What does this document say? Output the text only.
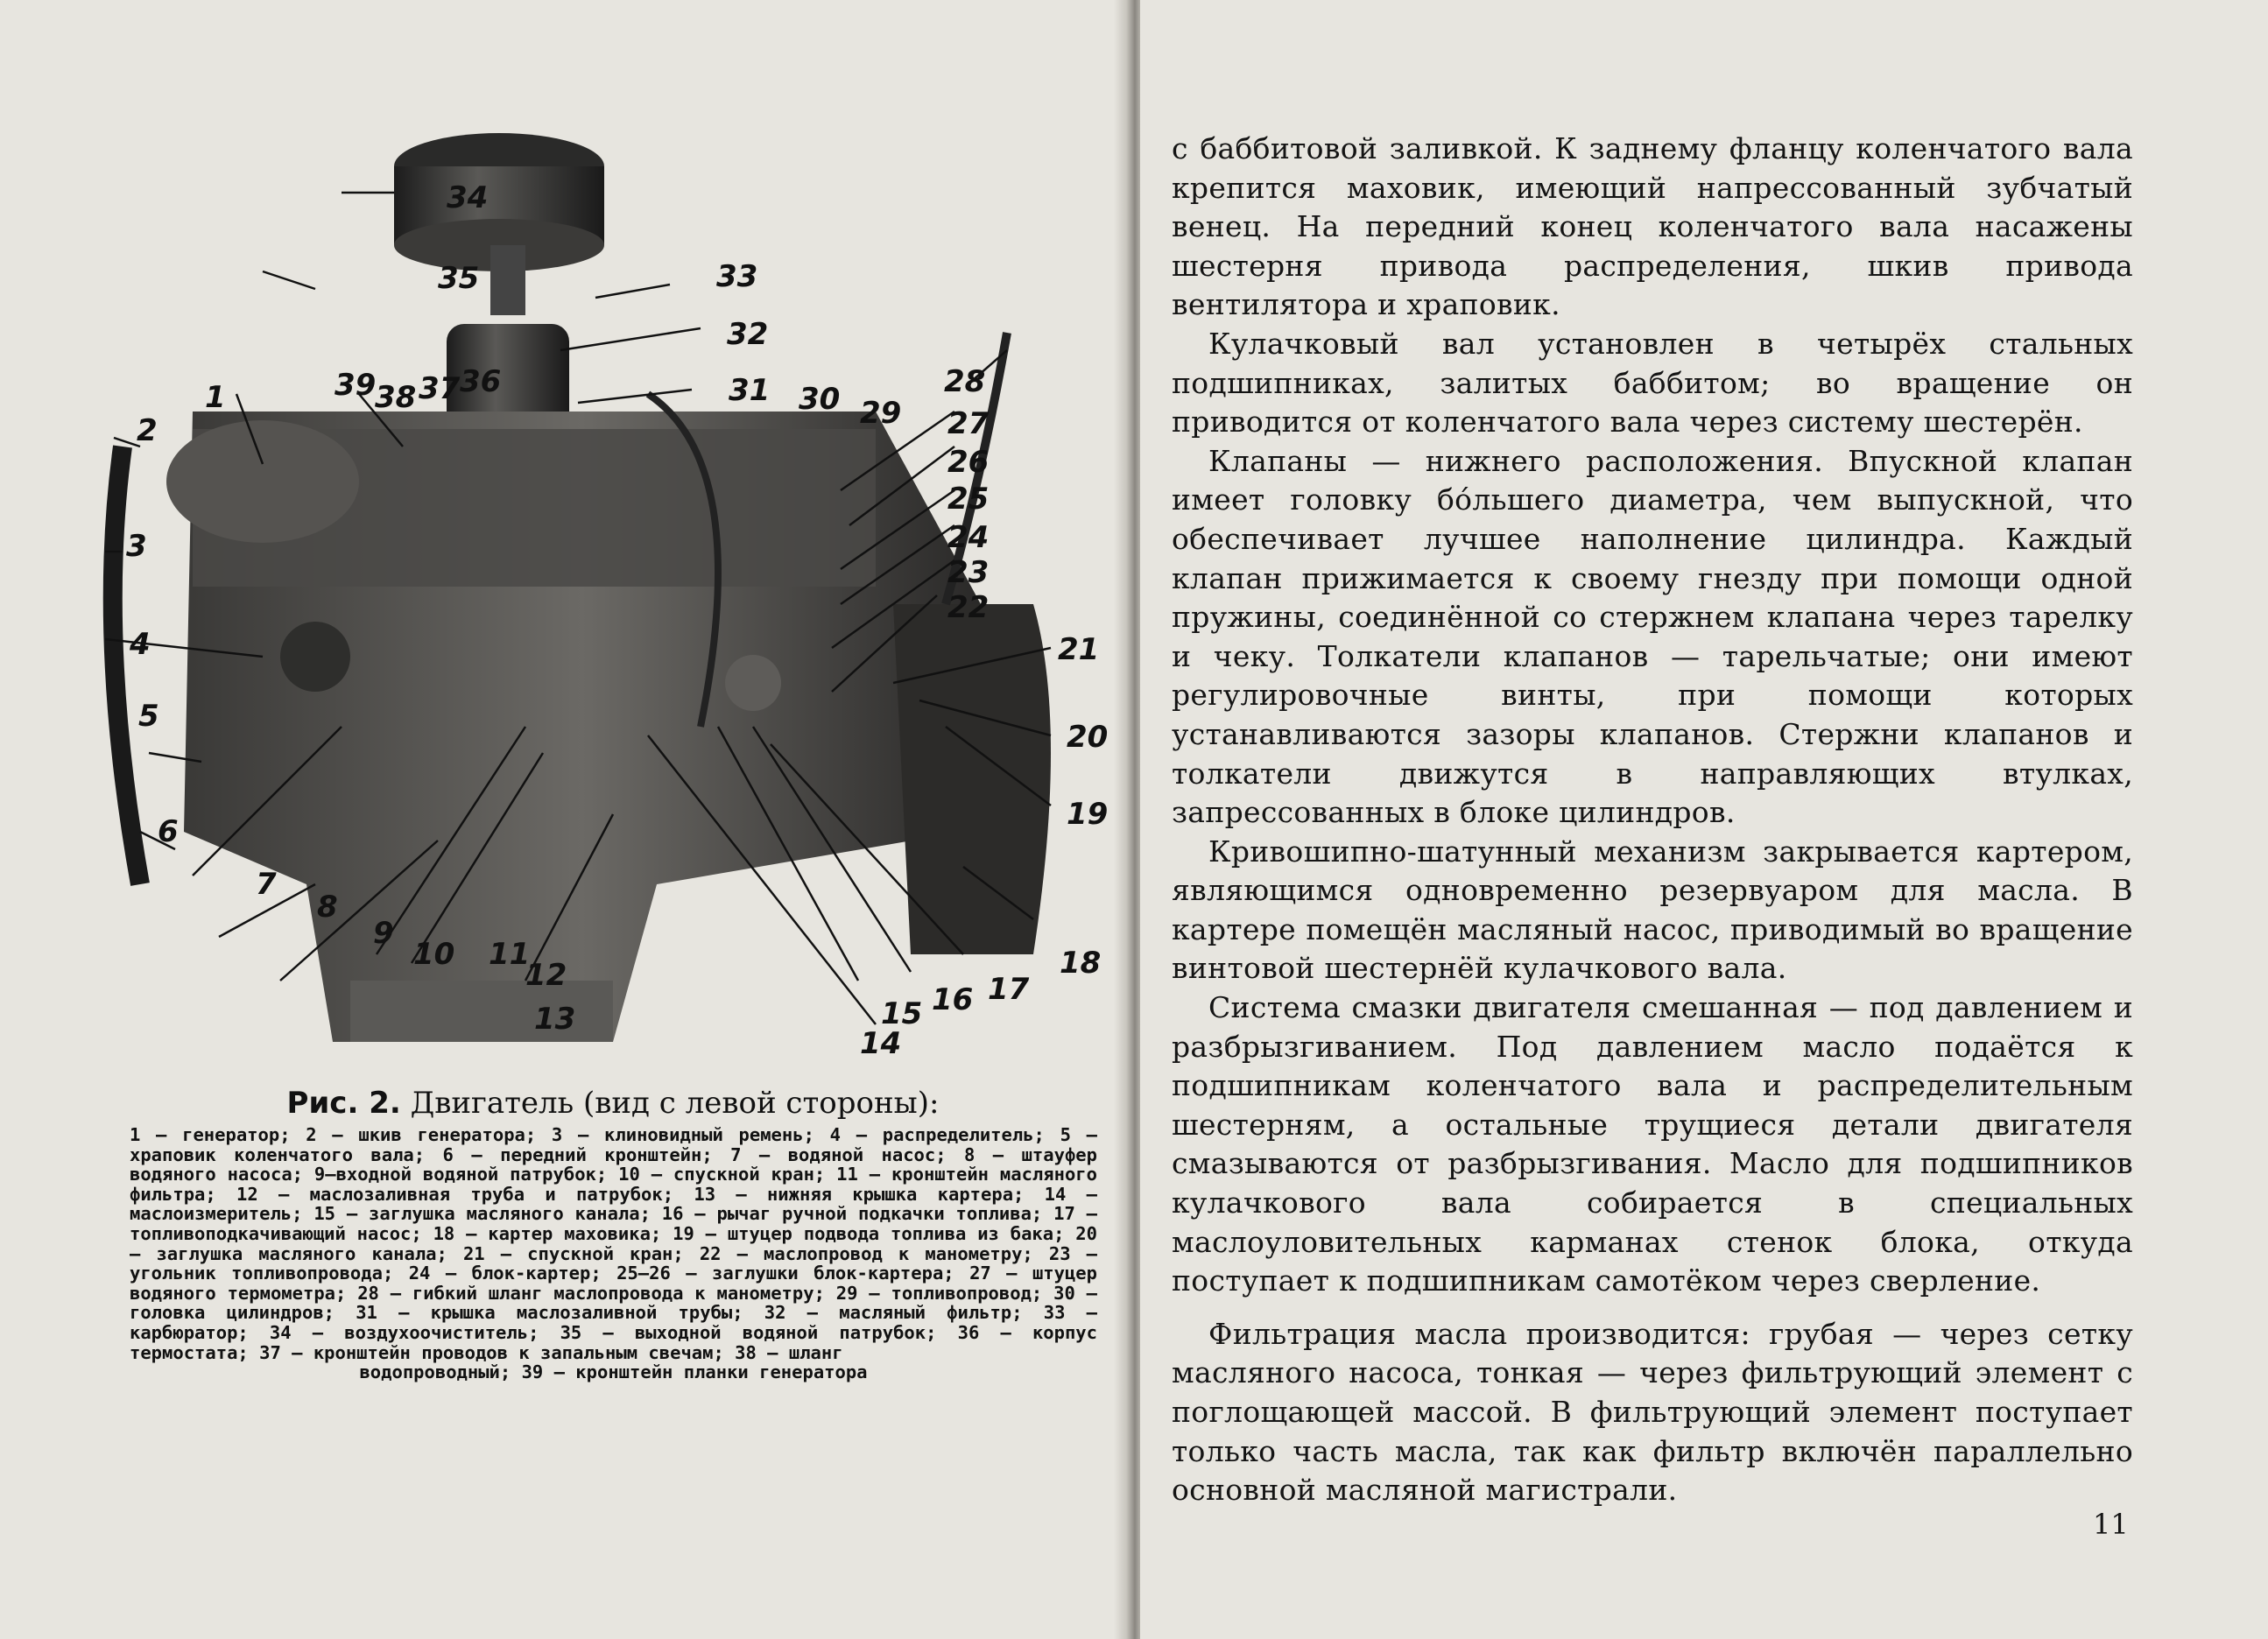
34
35	33
32
39
38 37 36	31 30 29
28
27
26
25
24
23
22
21
20
19
18
17
16
15
14
13
12
11
10
9
8
7
6
5
4
3
2
1
Рис. 2. Двигатель (вид с левой стороны):
1 — генератор; 2 — шкив генератора; 3 — клиновидный ремень; 4 — распределитель; 5 — храповик коленчатого вала; 6 — передний кронштейн; 7 — водяной насос; 8 — штауфер водяного насоса; 9—входной водяной патрубок; 10 — спускной кран; 11 — кронштейн масляного фильтра; 12 — маслозаливная труба и патрубок; 13 — нижняя крышка картера; 14 — маслоизмеритель; 15 — заглушка масляного канала; 16 — рычаг ручной подкачки топлива; 17 — топливоподкачивающий насос; 18 — картер маховика; 19 — штуцер подвода топлива из бака; 20 — заглушка масляного канала; 21 — спускной кран; 22 — маслопровод к манометру; 23 — угольник топливопровода; 24 — блок-картер; 25—26 — заглушки блок-картера; 27 — штуцер водяного термометра; 28 — гибкий шланг маслопровода к манометру; 29 — топливопровод; 30 — головка цилиндров; 31 — крышка маслозаливной трубы; 32 — масляный фильтр; 33 — карбюратор; 34 — воздухоочиститель; 35 — выходной водяной патрубок; 36 — корпус термостата; 37 — кронштейн проводов к запальным свечам; 38 — шланг
водопроводный; 39 — кронштейн планки генератора

с баббитовой заливкой. К заднему фланцу коленчатого вала крепится маховик, имеющий напрессованный зубчатый венец. На передний конец коленчатого вала насажены шестерня привода распределения, шкив привода вентилятора и храповик.

Кулачковый вал установлен в четырёх стальных подшипниках, залитых баббитом; во вращение он приводится от коленчатого вала через систему шестерён.

Клапаны — нижнего расположения. Впускной клапан имеет головку бо́льшего диаметра, чем выпускной, что обеспечивает лучшее наполнение цилиндра. Каждый клапан прижимается к своему гнезду при помощи одной пружины, соединённой со стержнем клапана через тарелку и чеку. Толкатели клапанов — тарельчатые; они имеют регулировочные винты, при помощи которых устанавливаются зазоры клапанов. Стержни клапанов и толкатели движутся в направляющих втулках, запрессованных в блоке цилиндров.

Кривошипно-шатунный механизм закрывается картером, являющимся одновременно резервуаром для масла. В картере помещён масляный насос, приводимый во вращение винтовой шестернёй кулачкового вала.

Система смазки двигателя смешанная — под давлением и разбрызгиванием. Под давлением масло подаётся к подшипникам коленчатого вала и распределительным шестерням, а остальные трущиеся детали двигателя смазываются от разбрызгивания. Масло для подшипников кулачкового вала собирается в специальных маслоуловительных карманах стенок блока, откуда поступает к подшипникам самотёком через сверление.

Фильтрация масла производится: грубая — через сетку масляного насоса, тонкая — через фильтрующий элемент с поглощающей массой. В фильтрующий элемент поступает только часть масла, так как фильтр включён параллельно основной масляной магистрали.

11
